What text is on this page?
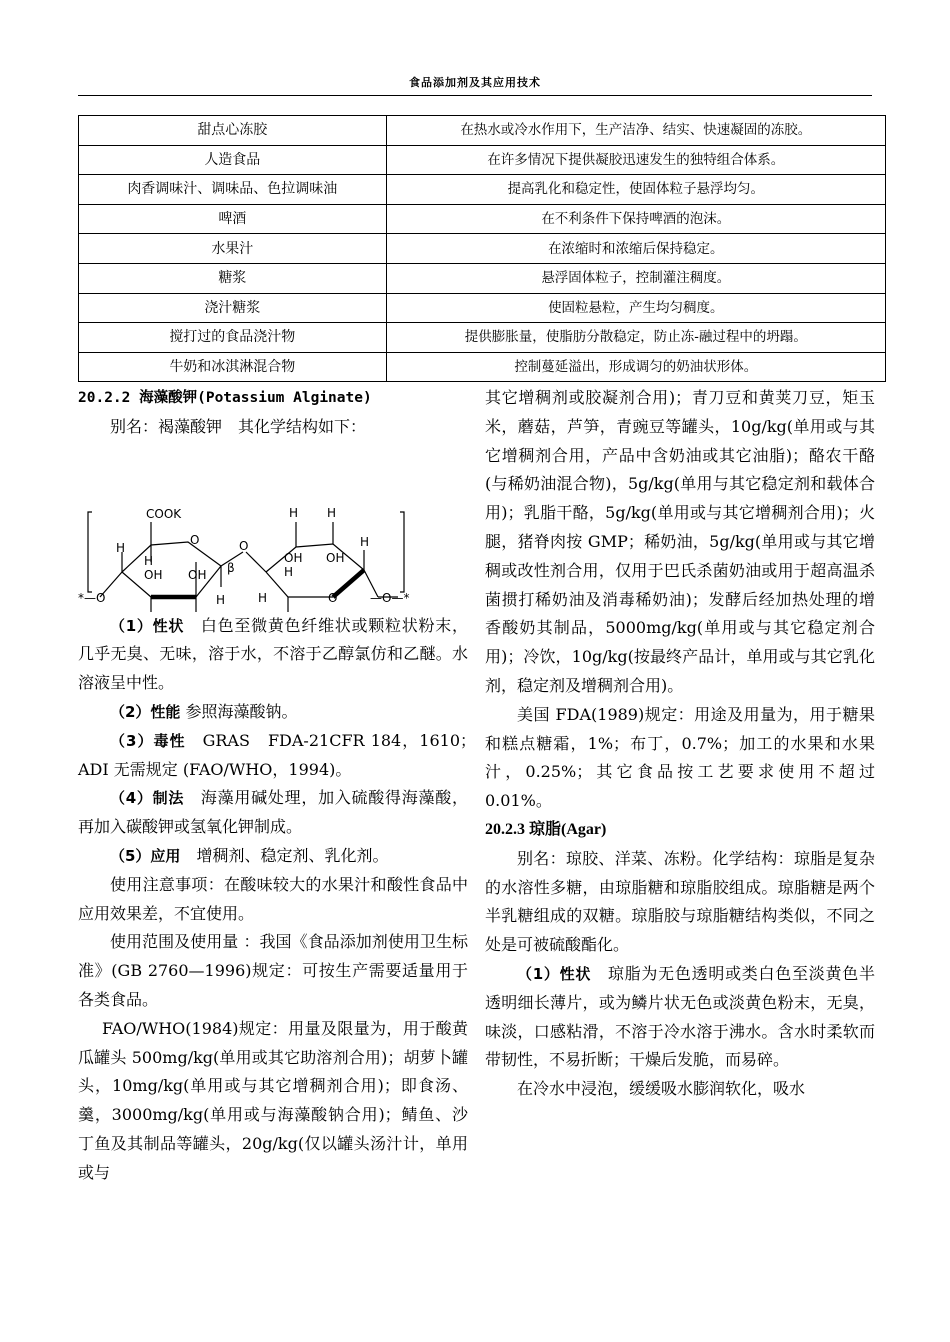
食品添加剂及其应用技术
甜点心冻胶	在热水或冷水作用下，生产洁净、结实、快速凝固的冻胶。
人造食品	在许多情况下提供凝胶迅速发生的独特组合体系。
肉香调味汁、调味品、色拉调味油	提高乳化和稳定性，使固体粒子悬浮均匀。
啤酒	在不利条件下保持啤酒的泡沫。
水果汁	在浓缩时和浓缩后保持稳定。
糖浆	悬浮固体粒子，控制灌注稠度。
浇汁糖浆	使固粒悬粒，产生均匀稠度。
搅打过的食品浇汁物	提供膨胀量，使脂肪分散稳定，防止冻-融过程中的坍蹋。
牛奶和冰淇淋混合物	控制蔓延溢出，形成调匀的奶油状形体。

20.2.2 海藻酸钾(Potassium Alginate)

别名：褐藻酸钾　其化学结构如下：

COOK
O
H
H
OH OH β
H
*—O
O
H H
H
OH OH
H
H	O	—O—*

（1）性状　白色至微黄色纤维状或颗粒状粉末，几乎无臭、无味，溶于水，不溶于乙醇氯仿和乙醚。水溶液呈中性。

（2）性能 参照海藻酸钠。

（3）毒性　GRAS　FDA-21CFR 184，1610；　ADI 无需规定 (FAO/WHO，1994)。

（4）制法　海藻用碱处理，加入硫酸得海藻酸，再加入碳酸钾或氢氧化钾制成。

（5）应用　增稠剂、稳定剂、乳化剂。

使用注意事项：在酸味较大的水果汁和酸性食品中应用效果差，不宜使用。

使用范围及使用量 ：我国《食品添加剂使用卫生标准》(GB 2760—1996)规定：可按生产需要适量用于各类食品。

FAO/WHO(1984)规定：用量及限量为，用于酸黄瓜罐头 500mg/kg(单用或其它助溶剂合用)；胡萝卜罐头，10mg/kg(单用或与其它增稠剂合用)；即食汤、羹，3000mg/kg(单用或与海藻酸钠合用)；鲭鱼、沙丁鱼及其制品等罐头，20g/kg(仅以罐头汤汁计，单用或与

其它增稠剂或胶凝剂合用)；青刀豆和黄荚刀豆，矩玉米，蘑菇，芦笋，青豌豆等罐头，10g/kg(单用或与其它增稠剂合用，产品中含奶油或其它油脂)；酪农干酪(与稀奶油混合物)，5g/kg(单用与其它稳定剂和载体合用)；乳脂干酪，5g/kg(单用或与其它增稠剂合用)；火腿，猪脊肉按 GMP；稀奶油，5g/kg(单用或与其它增稠或改性剂合用，仅用于巴氏杀菌奶油或用于超高温杀菌掼打稀奶油及消毒稀奶油)；发酵后经加热处理的增香酸奶其制品，5000mg/kg(单用或与其它稳定剂合用)；冷饮，10g/kg(按最终产品计，单用或与其它乳化剂，稳定剂及增稠剂合用)。

美国 FDA(1989)规定：用途及用量为，用于糖果和糕点糖霜，1%；布丁，0.7%；加工的水果和水果汁，0.25%；其它食品按工艺要求使用不超过 0.01%。

20.2.3 琼脂(Agar)

别名：琼胶、洋菜、冻粉。化学结构：琼脂是复杂的水溶性多糖，由琼脂糖和琼脂胶组成。琼脂糖是两个半乳糖组成的双糖。琼脂胶与琼脂糖结构类似，不同之处是可被硫酸酯化。

（1）性状　琼脂为无色透明或类白色至淡黄色半透明细长薄片，或为鳞片状无色或淡黄色粉末，无臭，味淡，口感粘滑，不溶于冷水溶于沸水。含水时柔软而带韧性，不易折断；干燥后发脆，而易碎。

在冷水中浸泡，缓缓吸水膨润软化，吸水
